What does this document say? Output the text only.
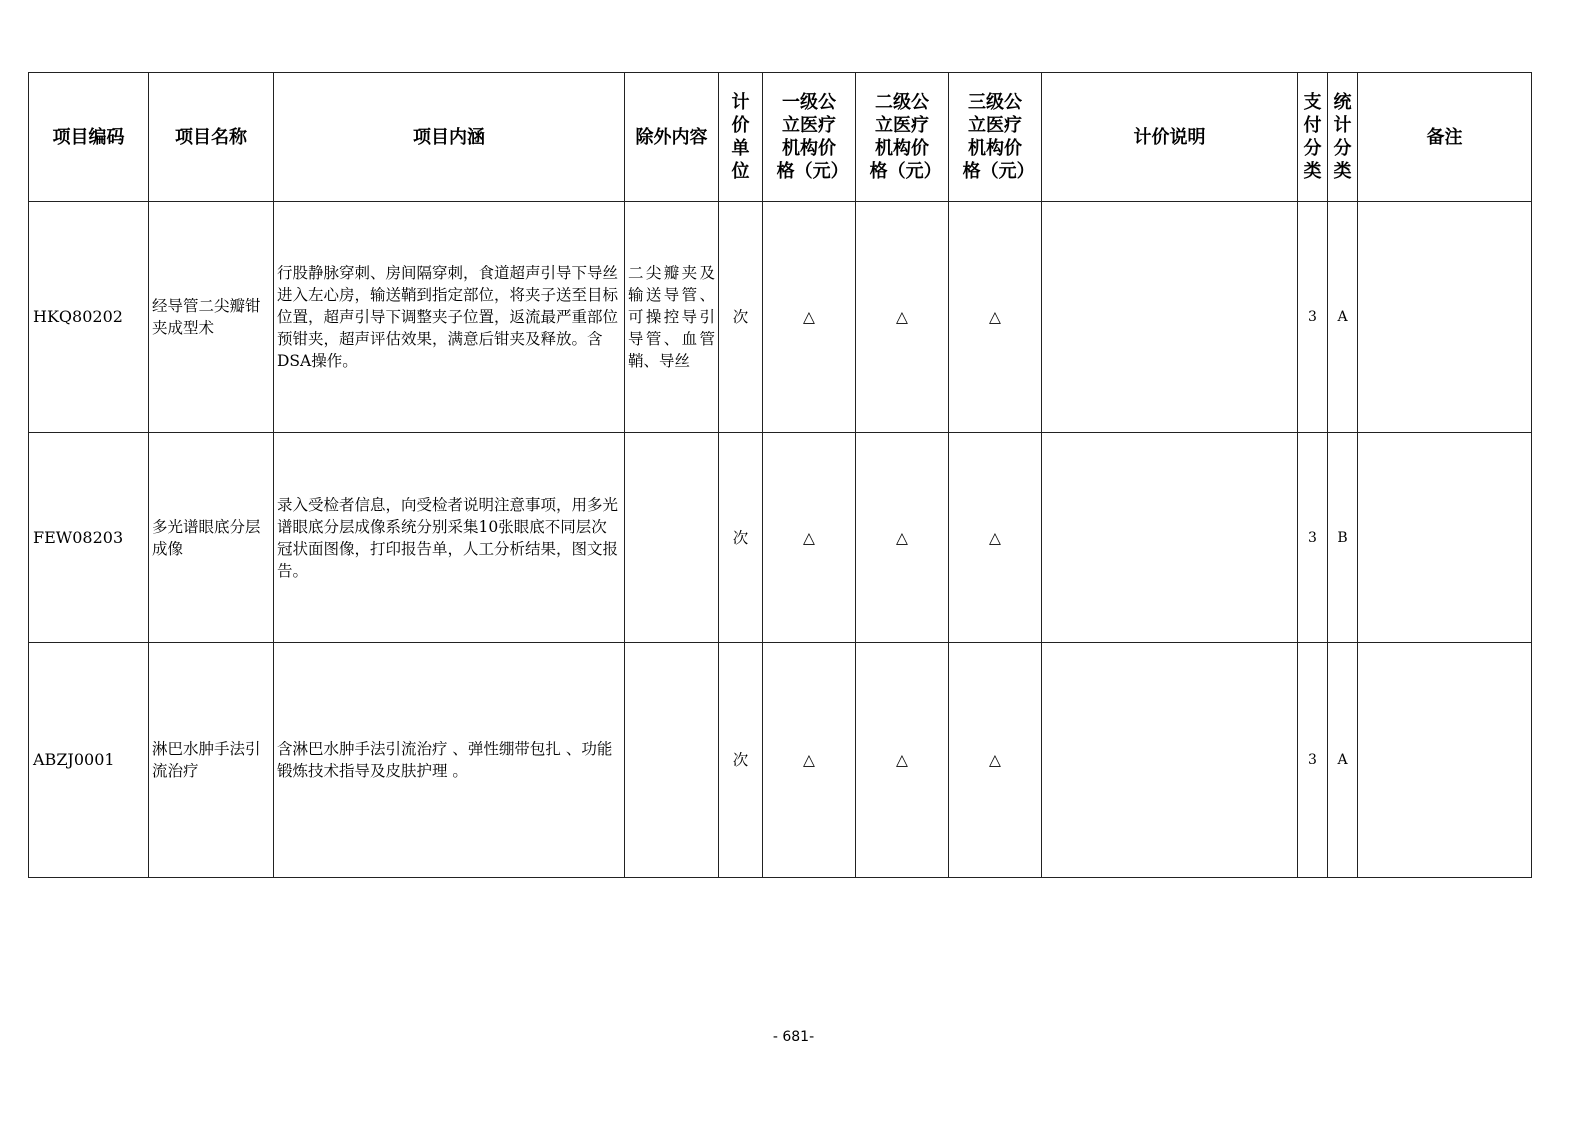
项目编码	项目名称	项目内涵	除外内容	计价单位	一级公立医疗机构价格（元）	二级公立医疗机构价格（元）	三级公立医疗机构价格（元）	计价说明	支付分类	统计分类	备注
HKQ80202	经导管二尖瓣钳夹成型术	行股静脉穿刺、房间隔穿刺，食道超声引导下导丝进入左心房，输送鞘到指定部位，将夹子送至目标位置，超声引导下调整夹子位置，返流最严重部位预钳夹，超声评估效果，满意后钳夹及释放。含DSA操作。	二尖瓣夹及输送导管、可操控导引导管、血管鞘、导丝	次	△	△	△		3	A	
FEW08203	多光谱眼底分层成像	录入受检者信息，向受检者说明注意事项，用多光谱眼底分层成像系统分别采集10张眼底不同层次冠状面图像，打印报告单，人工分析结果，图文报告。		次	△	△	△		3	B	
ABZJ0001	淋巴水肿手法引流治疗	含淋巴水肿手法引流治疗 、弹性绷带包扎 、功能锻炼技术指导及皮肤护理 。		次	△	△	△		3	A	
- 681-
